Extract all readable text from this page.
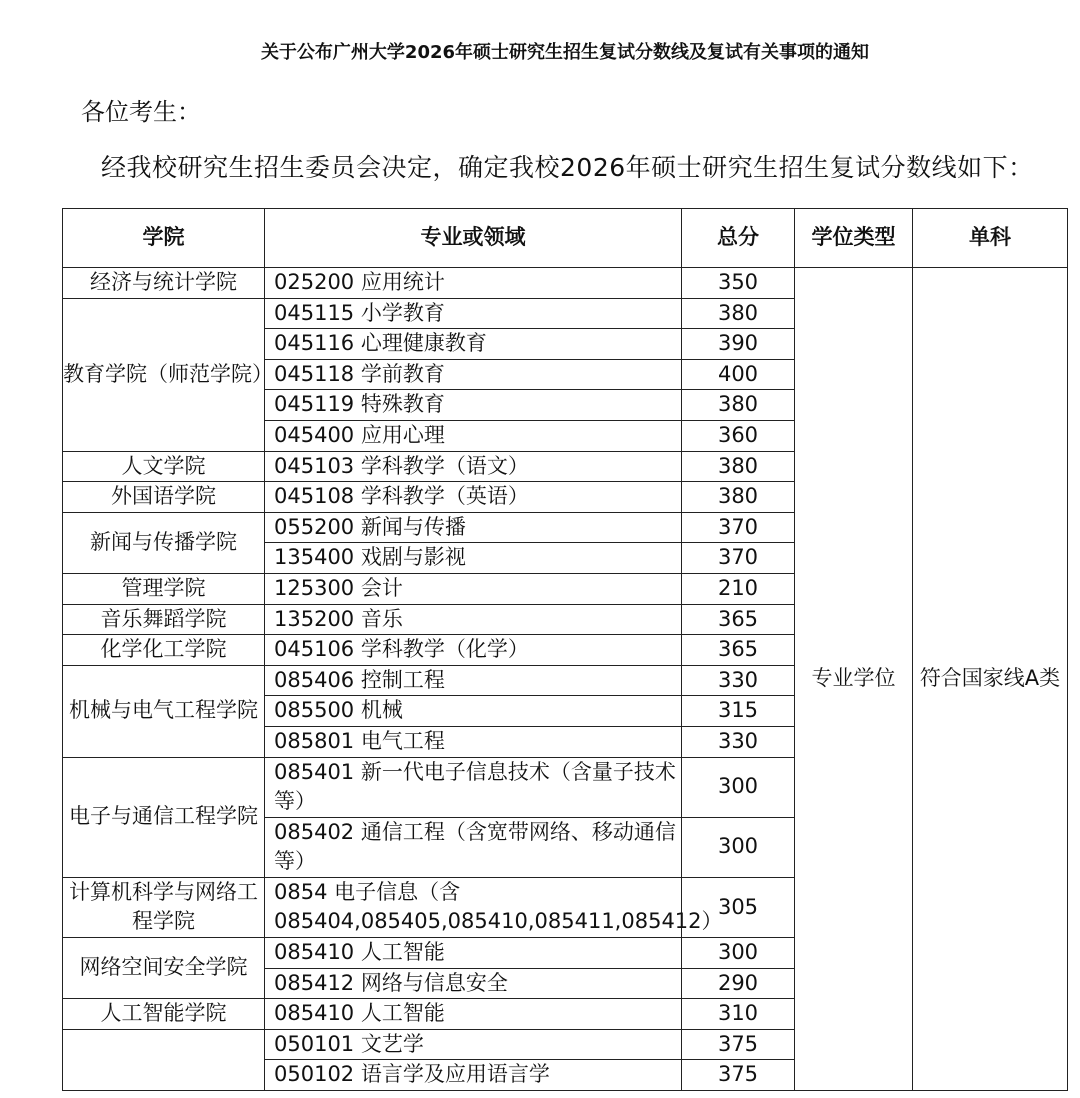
关于公布广州大学2026年硕士研究生招生复试分数线及复试有关事项的通知
各位考生：
经我校研究生招生委员会决定，确定我校2026年硕士研究生招生复试分数线如下：
学院	专业或领域	总分	学位类型	单科	
经济与统计学院	025200 应用统计	350	专业学位	符合国家线A类	
教育学院（师范学院）	045115 小学教育	380			
	045116 心理健康教育	390			
	045118 学前教育	400			
	045119 特殊教育	380			
	045400 应用心理	360			
人文学院	045103 学科教学（语文）	380			
外国语学院	045108 学科教学（英语）	380			
新闻与传播学院	055200 新闻与传播	370			
	135400 戏剧与影视	370			
管理学院	125300 会计	210			
音乐舞蹈学院	135200 音乐	365			
化学化工学院	045106 学科教学（化学）	365			
机械与电气工程学院	085406 控制工程	330			
	085500 机械	315			
	085801 电气工程	330			
电子与通信工程学院	085401 新一代电子信息技术（含量子技术等）	300			
	085402 通信工程（含宽带网络、移动通信等）	300			
计算机科学与网络工程学院	0854 电子信息（含085404,085405,085410,085411,085412）	305			
网络空间安全学院	085410 人工智能	300			
	085412 网络与信息安全	290			
人工智能学院	085410 人工智能	310			
	050101 文艺学	375			
	050102 语言学及应用语言学	375			
